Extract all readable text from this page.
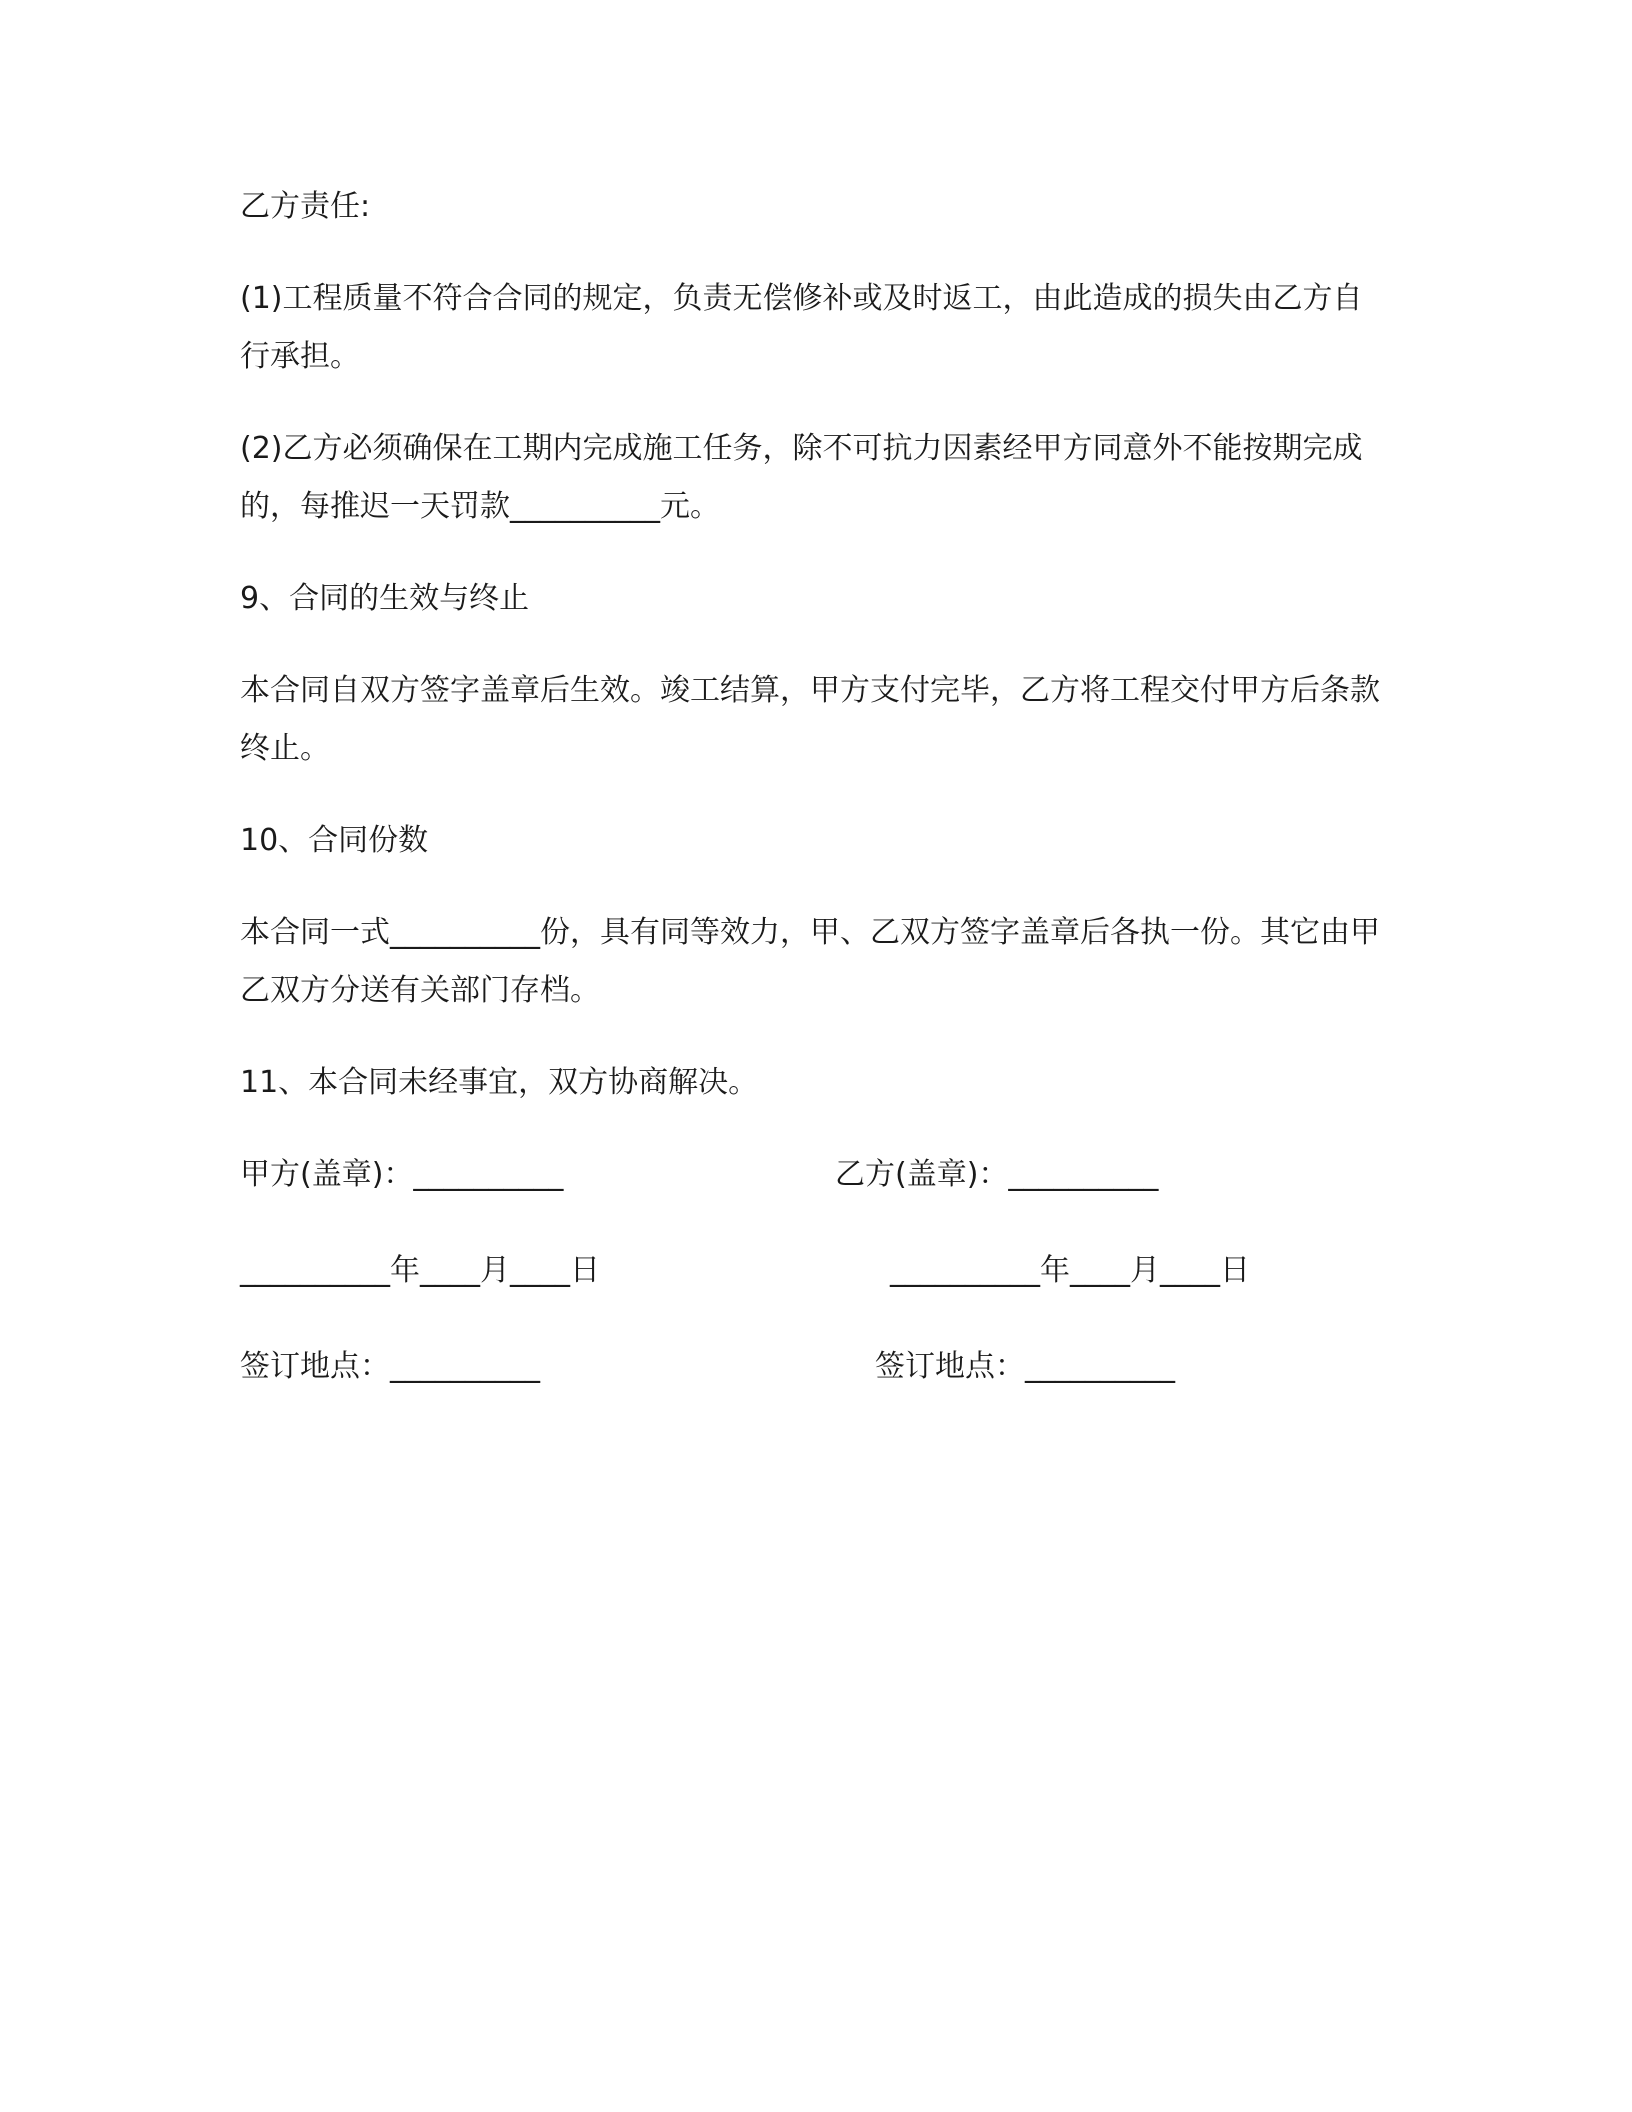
乙方责任:

(1)工程质量不符合合同的规定，负责无偿修补或及时返工，由此造成的损失由乙方自行承担。

(2)乙方必须确保在工期内完成施工任务，除不可抗力因素经甲方同意外不能按期完成的，每推迟一天罚款__________元。

9、合同的生效与终止

本合同自双方签字盖章后生效。竣工结算，甲方支付完毕，乙方将工程交付甲方后条款终止。

10、合同份数

本合同一式__________份，具有同等效力，甲、乙双方签字盖章后各执一份。其它由甲乙双方分送有关部门存档。

11、本合同未经事宜，双方协商解决。

甲方(盖章)：__________

	乙方(盖章)：__________

__________年____月____日

	__________年____月____日

签订地点：__________

	签订地点：__________
